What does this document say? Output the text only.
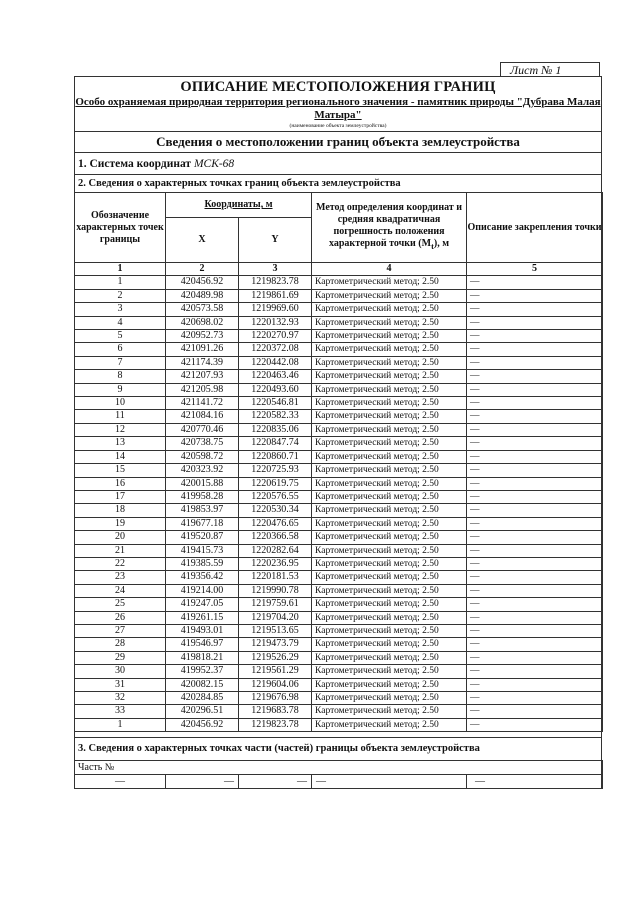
Лист № 1
ОПИСАНИЕ МЕСТОПОЛОЖЕНИЯ ГРАНИЦ
Особо охраняемая природная территория регионального значения - памятник природы "Дубрава Малая Матыра"
(наименование объекта землеустройства)
Сведения о местоположении границ объекта землеустройства
1. Система координат МСК-68
2. Сведения о характерных точках границ объекта землеустройства
Обозначение характерных точек границы	Координаты, м		Метод определения координат и средняя квадратичная погрешность положения характерной точки $(M_t)$, м	Описание закрепления точки
	X	Y		
1	2	3	4	5
1	420456.92	1219823.78	Картометрический метод; 2.50	—
2	420489.98	1219861.69	Картометрический метод; 2.50	—
3	420573.58	1219969.60	Картометрический метод; 2.50	—
4	420698.02	1220132.93	Картометрический метод; 2.50	—
5	420952.73	1220270.97	Картометрический метод; 2.50	—
6	421091.26	1220372.08	Картометрический метод; 2.50	—
7	421174.39	1220442.08	Картометрический метод; 2.50	—
8	421207.93	1220463.46	Картометрический метод; 2.50	—
9	421205.98	1220493.60	Картометрический метод; 2.50	—
10	421141.72	1220546.81	Картометрический метод; 2.50	—
11	421084.16	1220582.33	Картометрический метод; 2.50	—
12	420770.46	1220835.06	Картометрический метод; 2.50	—
13	420738.75	1220847.74	Картометрический метод; 2.50	—
14	420598.72	1220860.71	Картометрический метод; 2.50	—
15	420323.92	1220725.93	Картометрический метод; 2.50	—
16	420015.88	1220619.75	Картометрический метод; 2.50	—
17	419958.28	1220576.55	Картометрический метод; 2.50	—
18	419853.97	1220530.34	Картометрический метод; 2.50	—
19	419677.18	1220476.65	Картометрический метод; 2.50	—
20	419520.87	1220366.58	Картометрический метод; 2.50	—
21	419415.73	1220282.64	Картометрический метод; 2.50	—
22	419385.59	1220236.95	Картометрический метод; 2.50	—
23	419356.42	1220181.53	Картометрический метод; 2.50	—
24	419214.00	1219990.78	Картометрический метод; 2.50	—
25	419247.05	1219759.61	Картометрический метод; 2.50	—
26	419261.15	1219704.20	Картометрический метод; 2.50	—
27	419493.01	1219513.65	Картометрический метод; 2.50	—
28	419546.97	1219473.79	Картометрический метод; 2.50	—
29	419818.21	1219526.29	Картометрический метод; 2.50	—
30	419952.37	1219561.29	Картометрический метод; 2.50	—
31	420082.15	1219604.06	Картометрический метод; 2.50	—
32	420284.85	1219676.98	Картометрический метод; 2.50	—
33	420296.51	1219683.78	Картометрический метод; 2.50	—
1	420456.92	1219823.78	Картометрический метод; 2.50	—
3. Сведения о характерных точках части (частей) границы объекта землеустройства
Часть №
—	—	—	—	—
